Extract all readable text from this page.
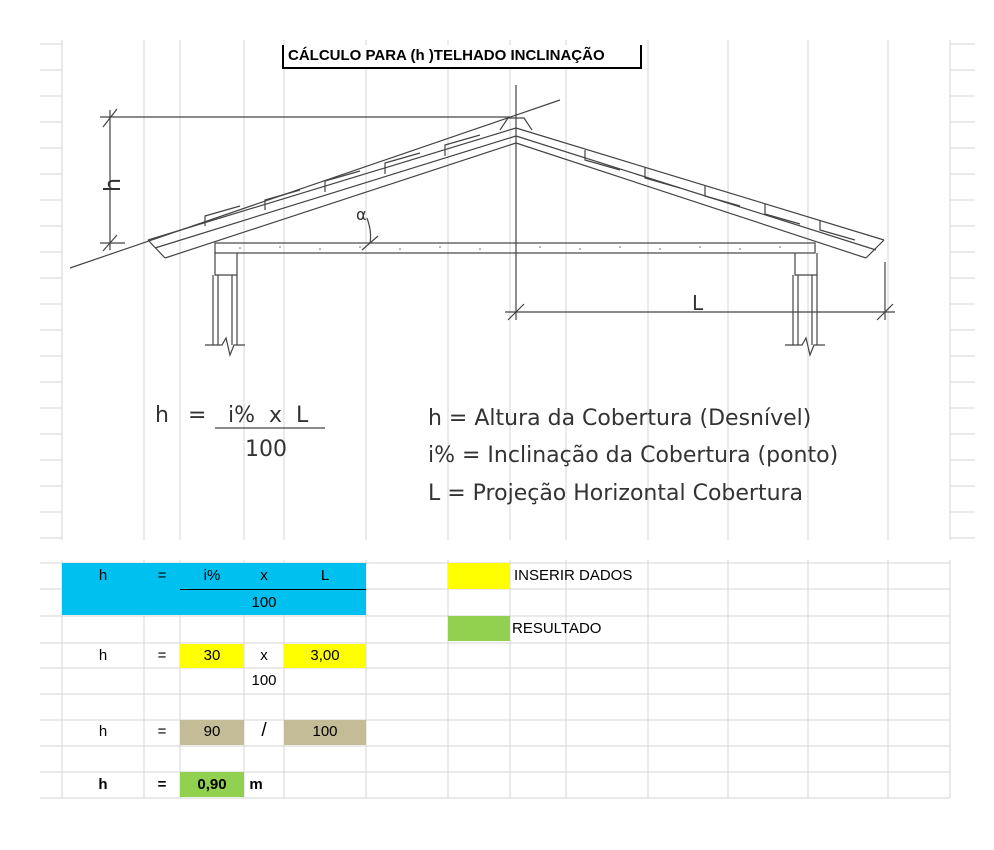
CÁLCULO PARA (h )TELHADO INCLINAÇÃO
h
α
L
h = i%  x  L
100
h = Altura da Cobertura (Desnível)
i% = Inclinação da Cobertura (ponto)
L = Projeção Horizontal Cobertura
h	=	i%	x	L
100
h	=	30	x	3,00
100
h	=	90	/	100
h	=	0,90	m
INSERIR DADOS
RESULTADO
